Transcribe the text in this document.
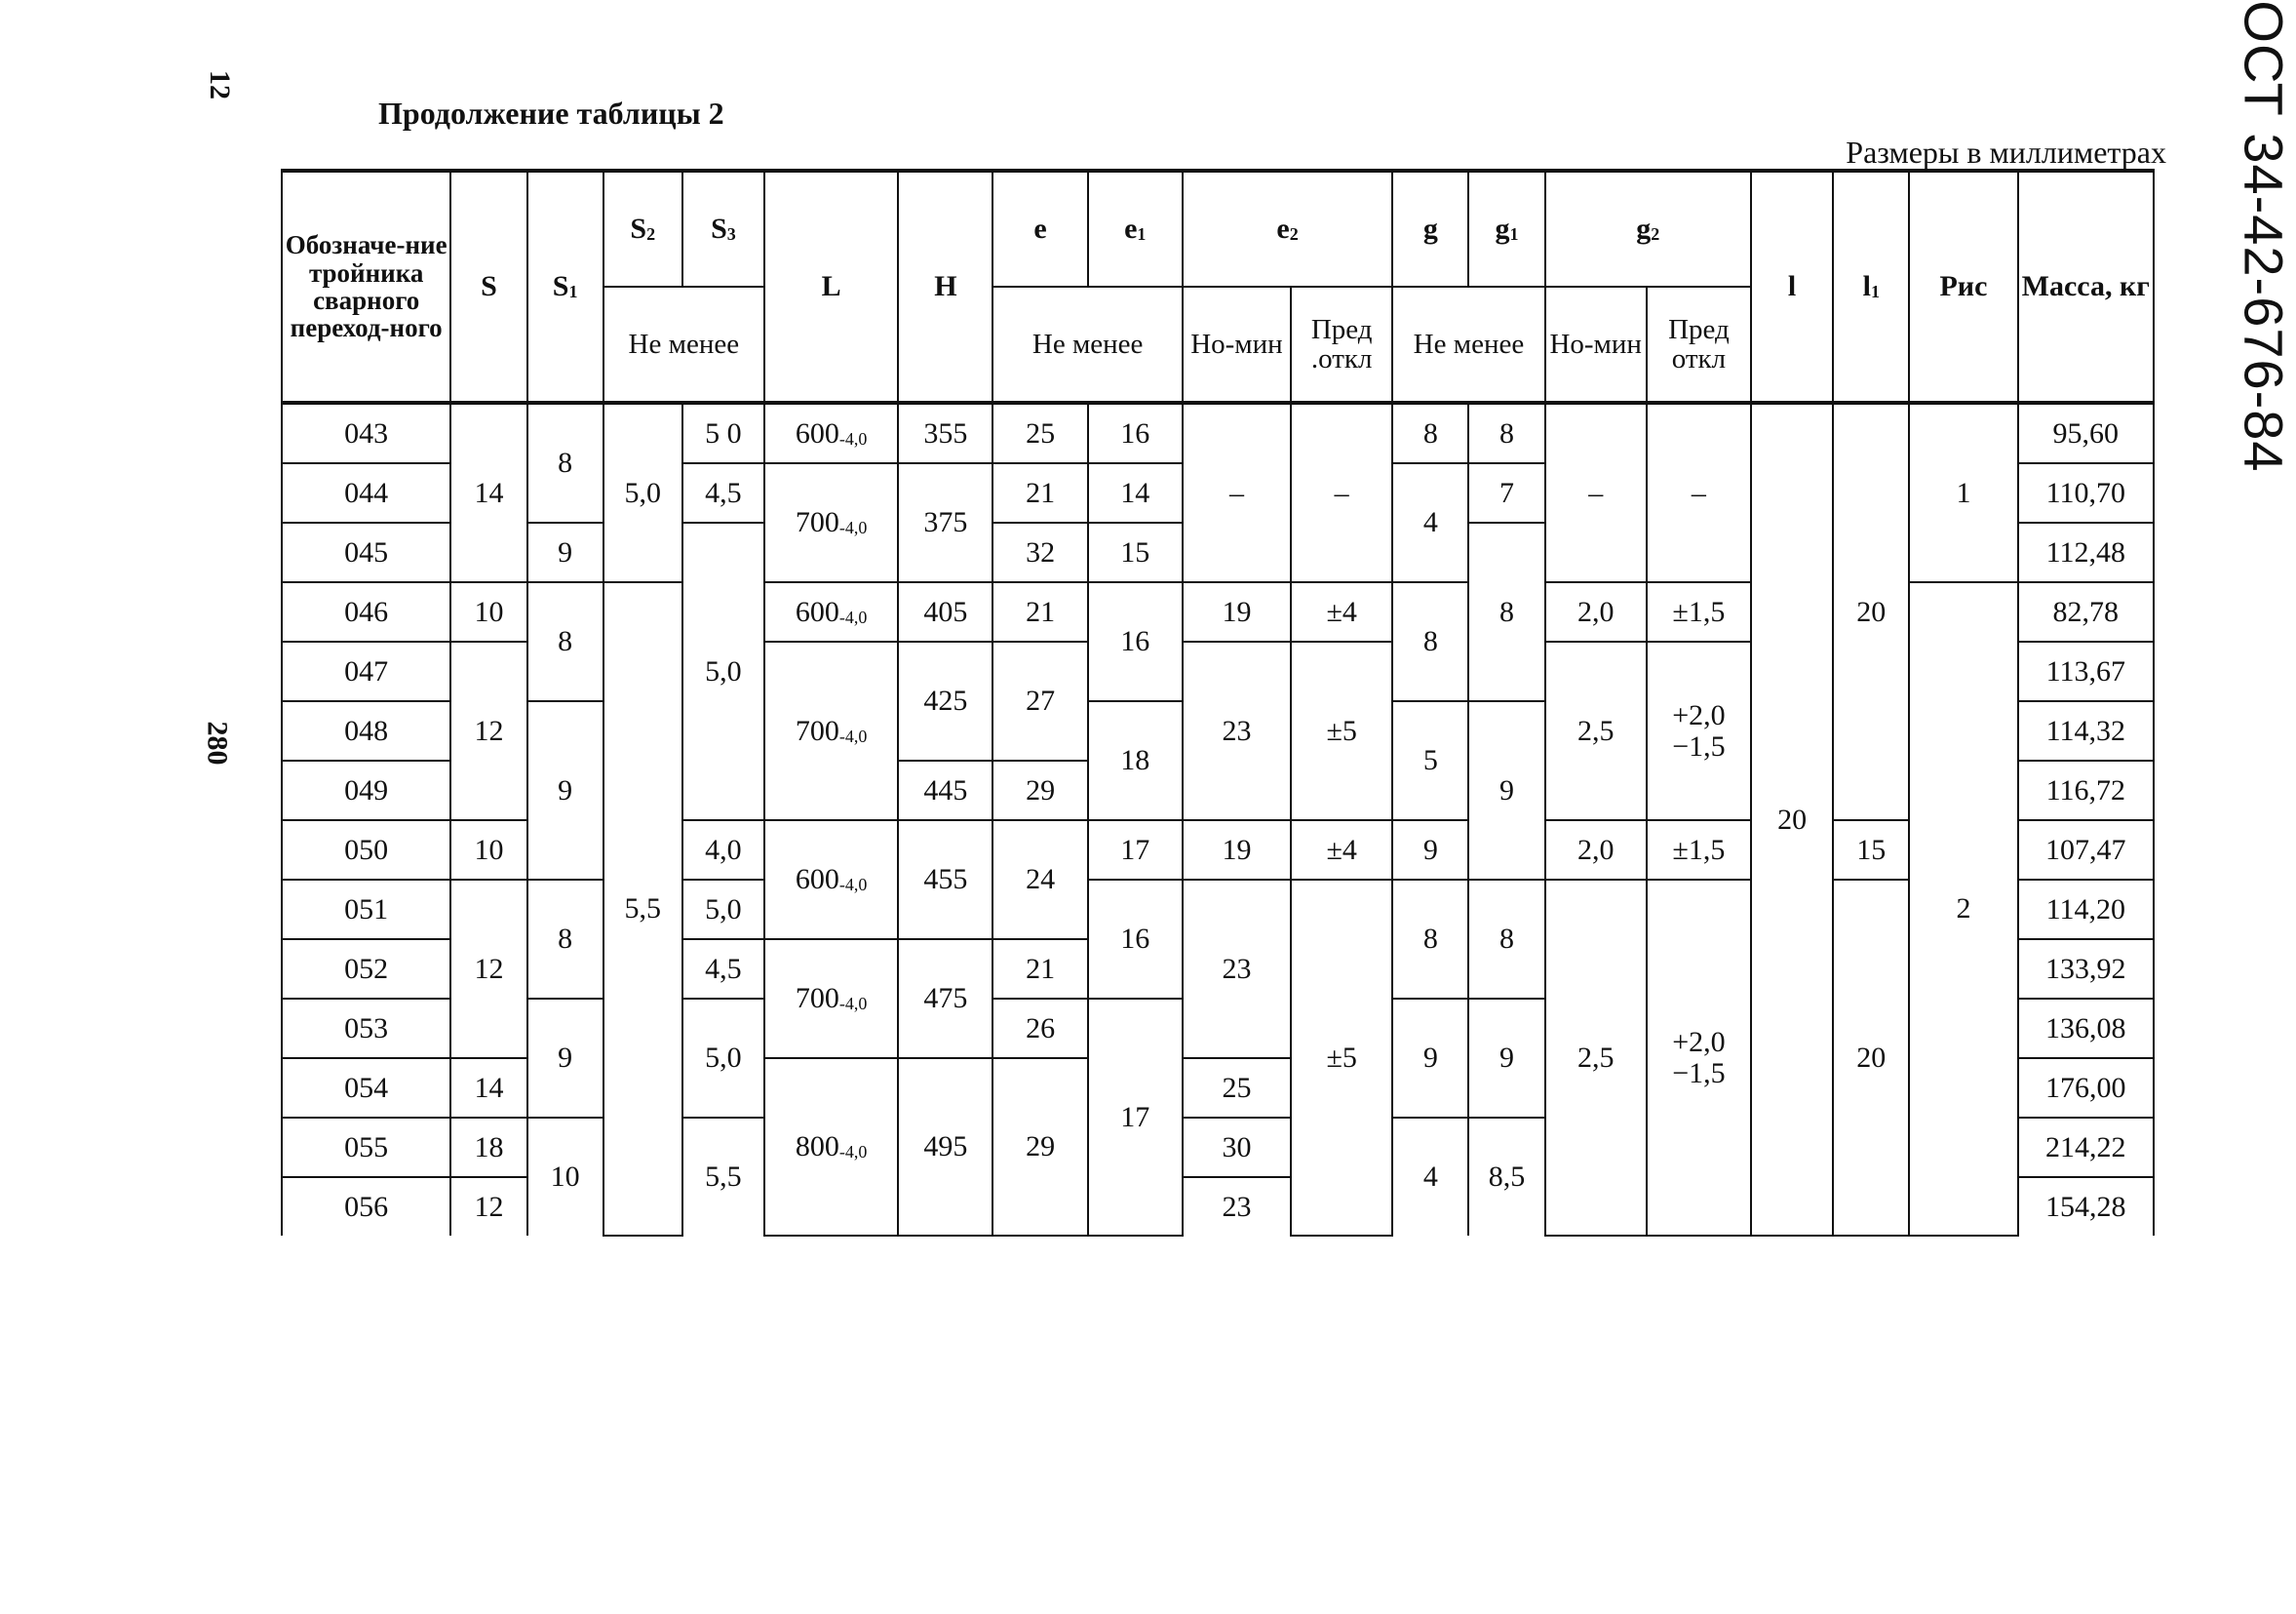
12
280
ОСТ 34-42-676-84
Продолжение таблицы 2
Размеры в миллиметрах
Обозначе-ние тройника сварного переход-ного	S	$S_1$	$S_2$	$S_3$	L	H	e	$e_1$	$e_2$		g	$g_1$	$g_2$		l	$l_1$	Рис	Масса, кг
			Не менее				Не менее		Но-мин	Пред .откл	Не менее		Но-мин	Пред откл				
043	14	8	5,0	5 0	$600_{-4,0}$	355	25	16	–	–	8	8	–	–	20	20	1	95,60
044				4,5	$700_{-4,0}$	375	21	14			4	7						110,70
045		9		5,0			32	15				8						112,48
046	10	8	5,5		$600_{-4,0}$	405	21	16	19	±4	8		2,0	±1,5			2	82,78
047	12				$700_{-4,0}$	425	27		23	±5			2,5	+2,0 −1,5				113,67
048		9						18			5	9						114,32
049						445	29											116,72
050	10			4,0	$600_{-4,0}$	455	24	17	19	±4	9		2,0	±1,5		15		107,47
051	12	8		5,0				16	23	±5	8	8	2,5	+2,0 −1,5		20		114,20
052				4,5	$700_{-4,0}$	475	21											133,92
053		9		5,0			26	17			9	9						136,08
054	14				$800_{-4,0}$	495	29		25									176,00
055	18	10		5,5					30		4	8,5						214,22
056	12								23									154,28
